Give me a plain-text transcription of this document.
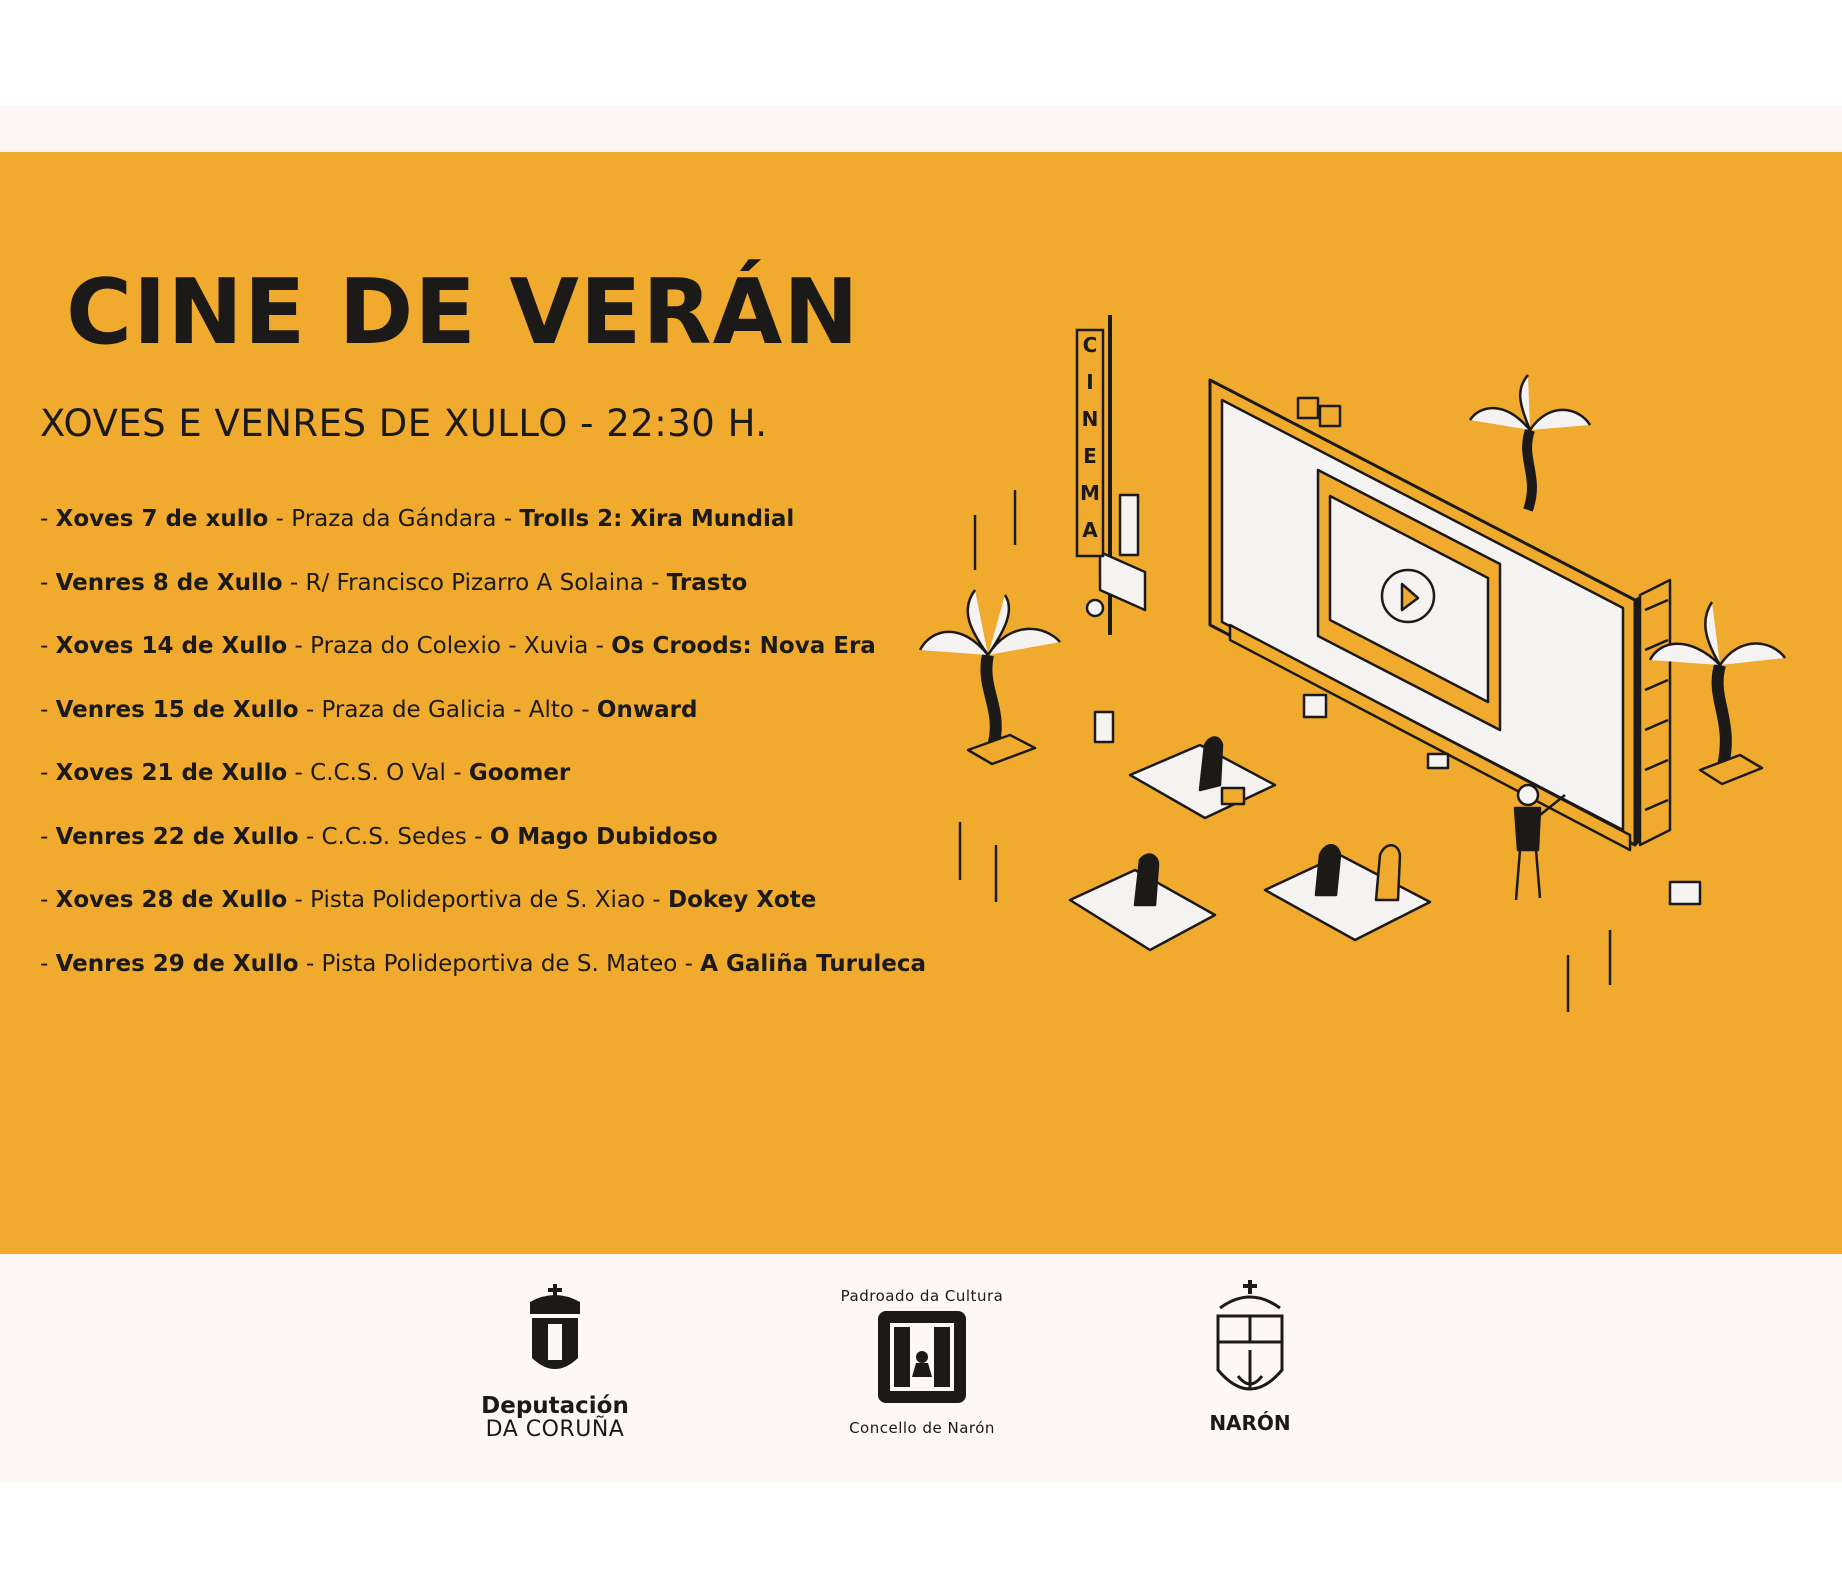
CINE DE VERÁN

XOVES E VENRES DE XULLO - 22:30 H.

- Xoves 7 de xullo - Praza da Gándara - Trolls 2: Xira Mundial
- Venres 8 de Xullo - R/ Francisco Pizarro A Solaina - Trasto
- Xoves 14 de Xullo - Praza do Colexio - Xuvia - Os Croods: Nova Era
- Venres 15 de Xullo - Praza de Galicia - Alto - Onward
- Xoves 21 de Xullo - C.C.S. O Val - Goomer
- Venres 22 de Xullo - C.C.S. Sedes - O Mago Dubidoso
- Xoves 28 de Xullo - Pista Polideportiva de S. Xiao - Dokey Xote
- Venres 29 de Xullo - Pista Polideportiva de S. Mateo - A Galiña Turuleca
C
I
N
E
M
A
Deputación
DA CORUÑA
Padroado da Cultura
Concello de Narón	NARÓN
